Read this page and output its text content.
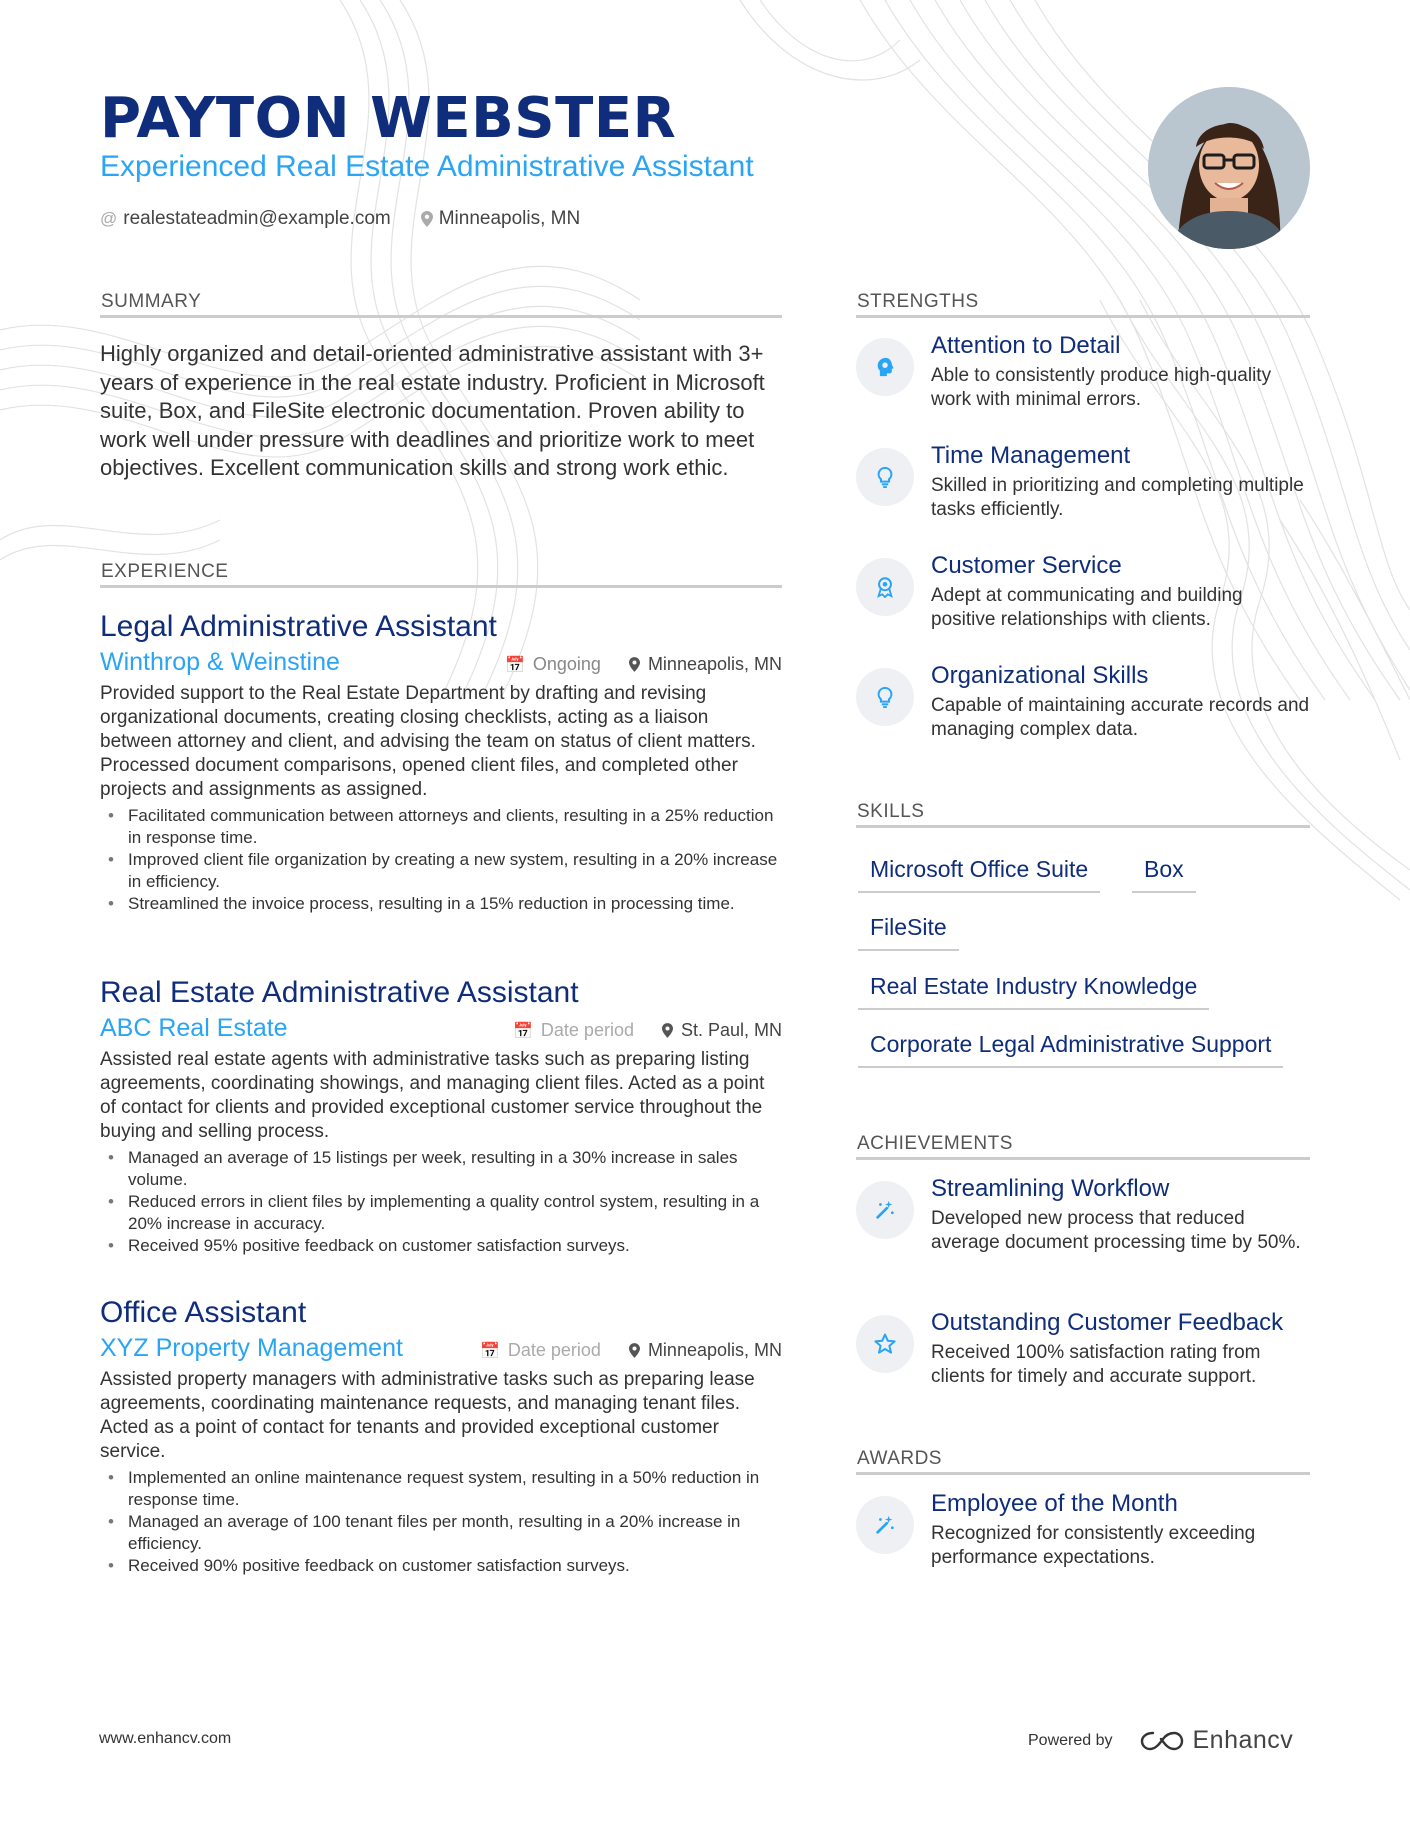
PAYTON WEBSTER
Experienced Real Estate Administrative Assistant
@ realestateadmin@example.com	Minneapolis, MN
SUMMARY
Highly organized and detail-oriented administrative assistant with 3+ years of experience in the real estate industry. Proficient in Microsoft suite, Box, and FileSite electronic documentation. Proven ability to work well under pressure with deadlines and prioritize work to meet objectives. Excellent communication skills and strong work ethic.
EXPERIENCE
Legal Administrative Assistant
Winthrop & Weinstine	📅 Ongoing	Minneapolis, MN
Provided support to the Real Estate Department by drafting and revising organizational documents, creating closing checklists, acting as a liaison between attorney and client, and advising the team on status of client matters. Processed document comparisons, opened client files, and completed other projects and assignments as assigned.
• Facilitated communication between attorneys and clients, resulting in a 25% reduction in response time.
• Improved client file organization by creating a new system, resulting in a 20% increase in efficiency.
• Streamlined the invoice process, resulting in a 15% reduction in processing time.
Real Estate Administrative Assistant
ABC Real Estate	📅 Date period	St. Paul, MN
Assisted real estate agents with administrative tasks such as preparing listing agreements, coordinating showings, and managing client files. Acted as a point of contact for clients and provided exceptional customer service throughout the buying and selling process.
• Managed an average of 15 listings per week, resulting in a 30% increase in sales volume.
• Reduced errors in client files by implementing a quality control system, resulting in a 20% increase in accuracy.
• Received 95% positive feedback on customer satisfaction surveys.
Office Assistant
XYZ Property Management	📅 Date period	Minneapolis, MN
Assisted property managers with administrative tasks such as preparing lease agreements, coordinating maintenance requests, and managing tenant files. Acted as a point of contact for tenants and provided exceptional customer service.
• Implemented an online maintenance request system, resulting in a 50% reduction in response time.
• Managed an average of 100 tenant files per month, resulting in a 20% increase in efficiency.
• Received 90% positive feedback on customer satisfaction surveys.
STRENGTHS
Attention to Detail
Able to consistently produce high-quality work with minimal errors.
Time Management
Skilled in prioritizing and completing multiple tasks efficiently.
Customer Service
Adept at communicating and building positive relationships with clients.
Organizational Skills
Capable of maintaining accurate records and managing complex data.
SKILLS
Microsoft Office Suite	Box
FileSite
Real Estate Industry Knowledge
Corporate Legal Administrative Support
ACHIEVEMENTS
Streamlining Workflow
Developed new process that reduced average document processing time by 50%.
Outstanding Customer Feedback
Received 100% satisfaction rating from clients for timely and accurate support.
AWARDS
Employee of the Month
Recognized for consistently exceeding performance expectations.
www.enhancv.com	Powered by	Enhancv
